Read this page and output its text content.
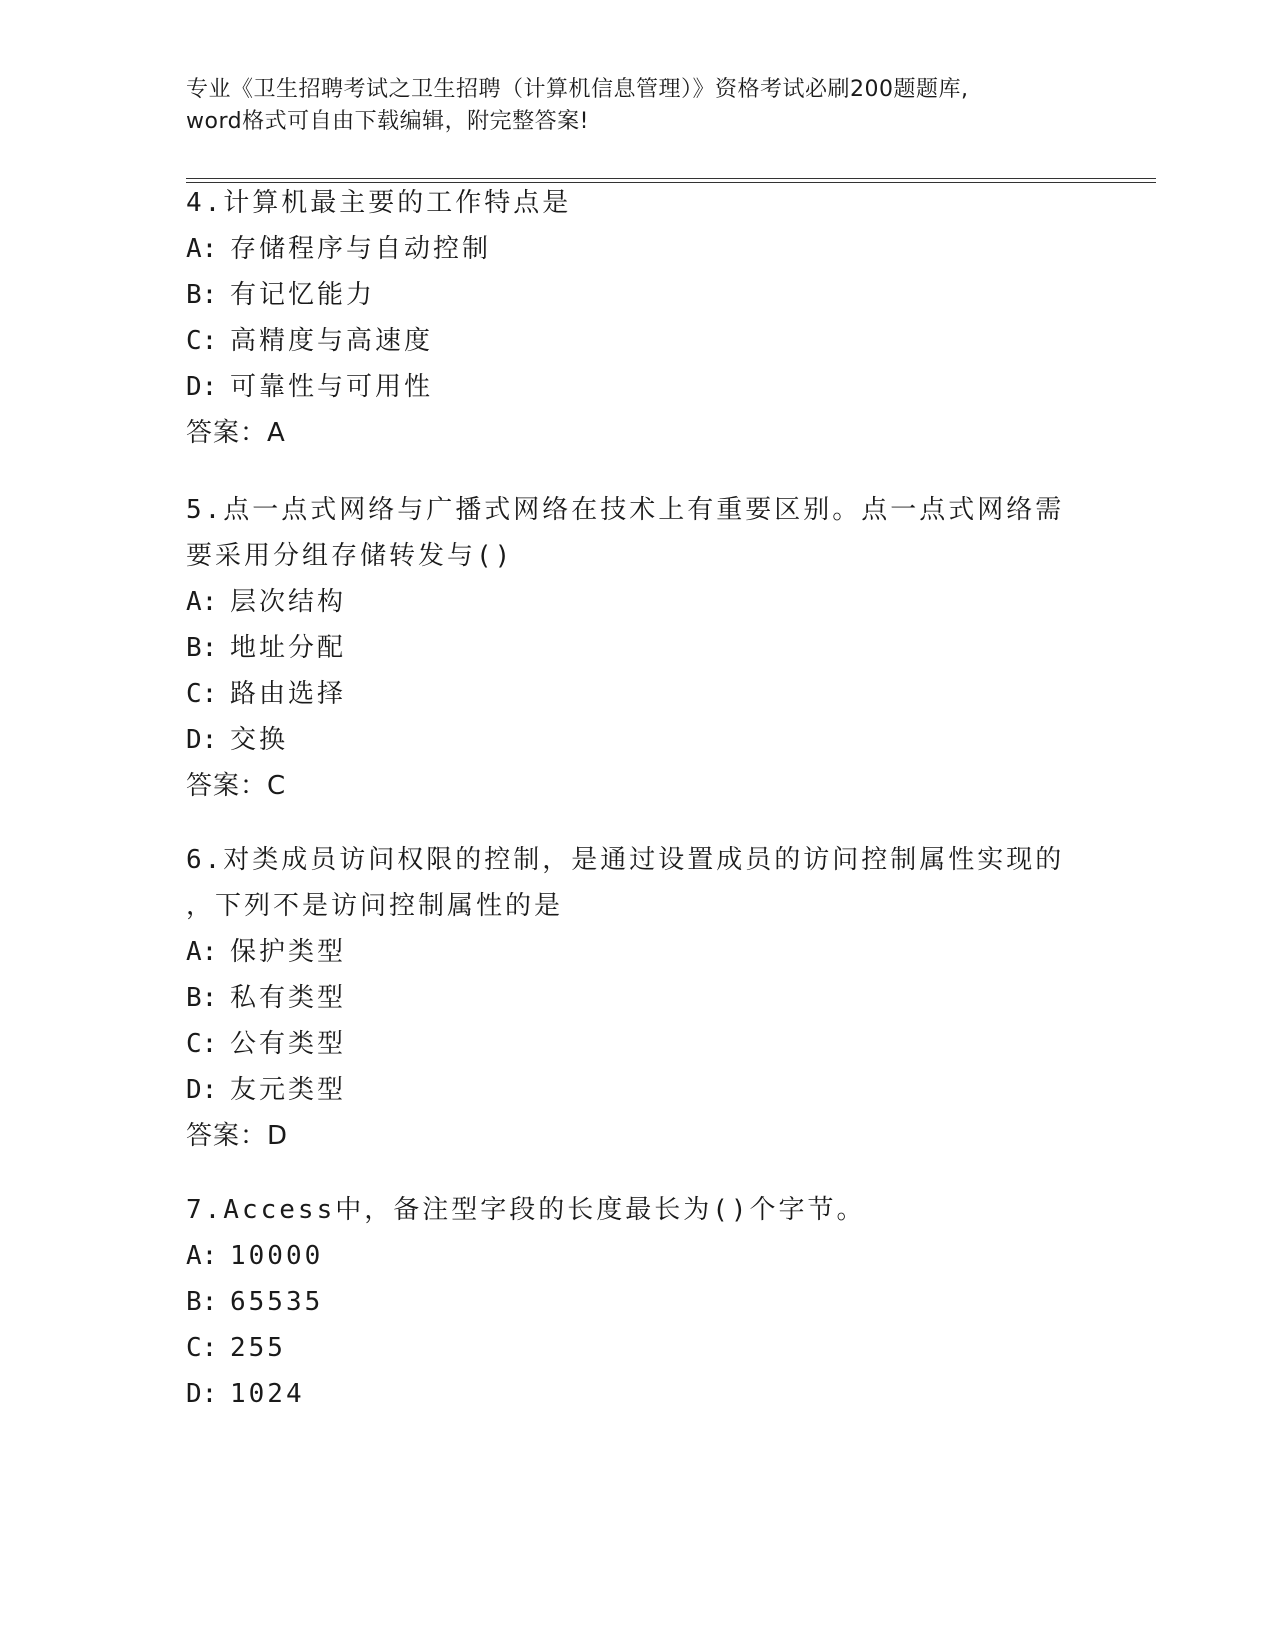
专业《卫生招聘考试之卫生招聘（计算机信息管理）》资格考试必刷200题题库,
word格式可自由下载编辑，附完整答案!
4.计算机最主要的工作特点是
A: 存储程序与自动控制
B: 有记忆能力
C: 高精度与高速度
D: 可靠性与可用性
答案：A
5.点一点式网络与广播式网络在技术上有重要区别。点一点式网络需
要采用分组存储转发与()
A: 层次结构
B: 地址分配
C: 路由选择
D: 交换
答案：C
6.对类成员访问权限的控制，是通过设置成员的访问控制属性实现的
，下列不是访问控制属性的是
A: 保护类型
B: 私有类型
C: 公有类型
D: 友元类型
答案：D
7.Access中，备注型字段的长度最长为()个字节。
A: 10000
B: 65535
C: 255
D: 1024
